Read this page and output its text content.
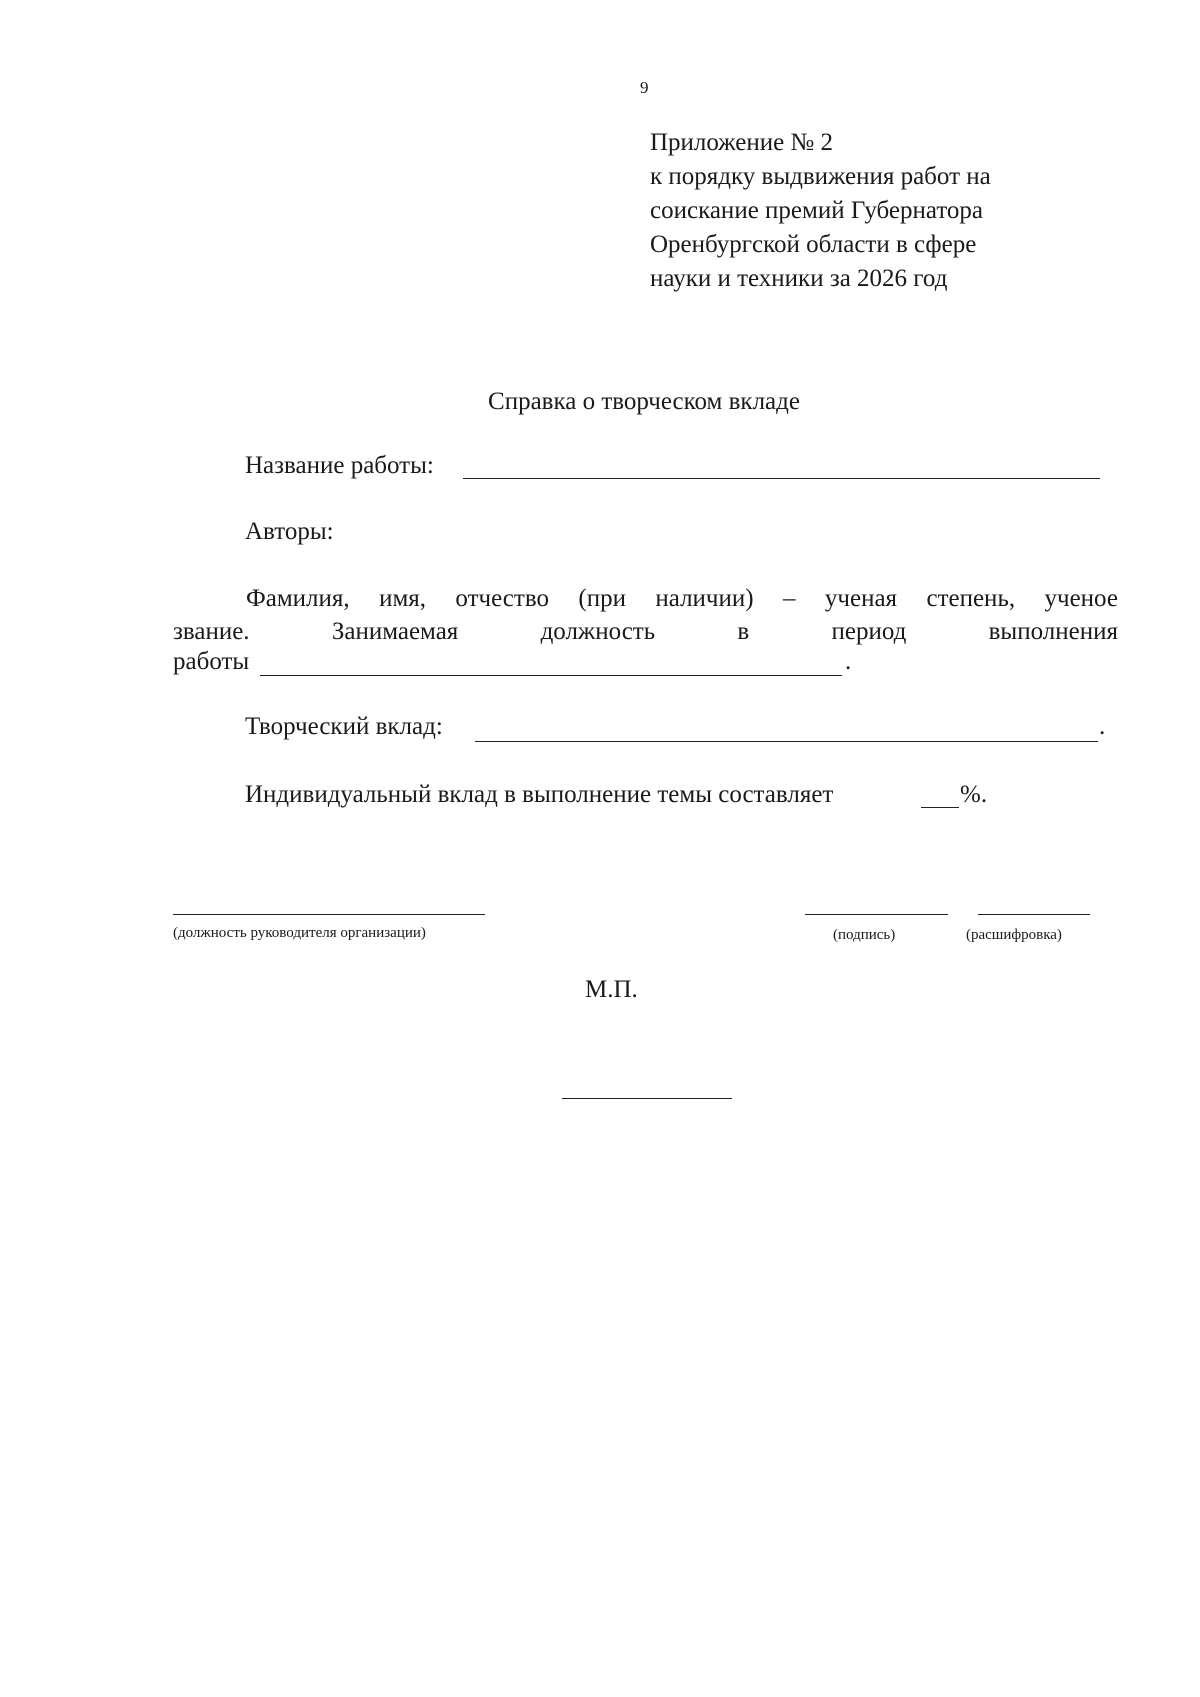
9
Приложение № 2
к порядку выдвижения работ на
соискание премий Губернатора
Оренбургской области в сфере
науки и техники за 2026 год
Справка о творческом вкладе
Название работы:
Авторы:
Фамилия, имя, отчество (при наличии) – ученая степень, ученое
звание.	Занимаемая	должность	в	период	выполнения
работы	.
Творческий вклад:	.
Индивидуальный вклад в выполнение темы составляет	%.
(должность руководителя организации)	(подпись)	(расшифровка)
М.П.
